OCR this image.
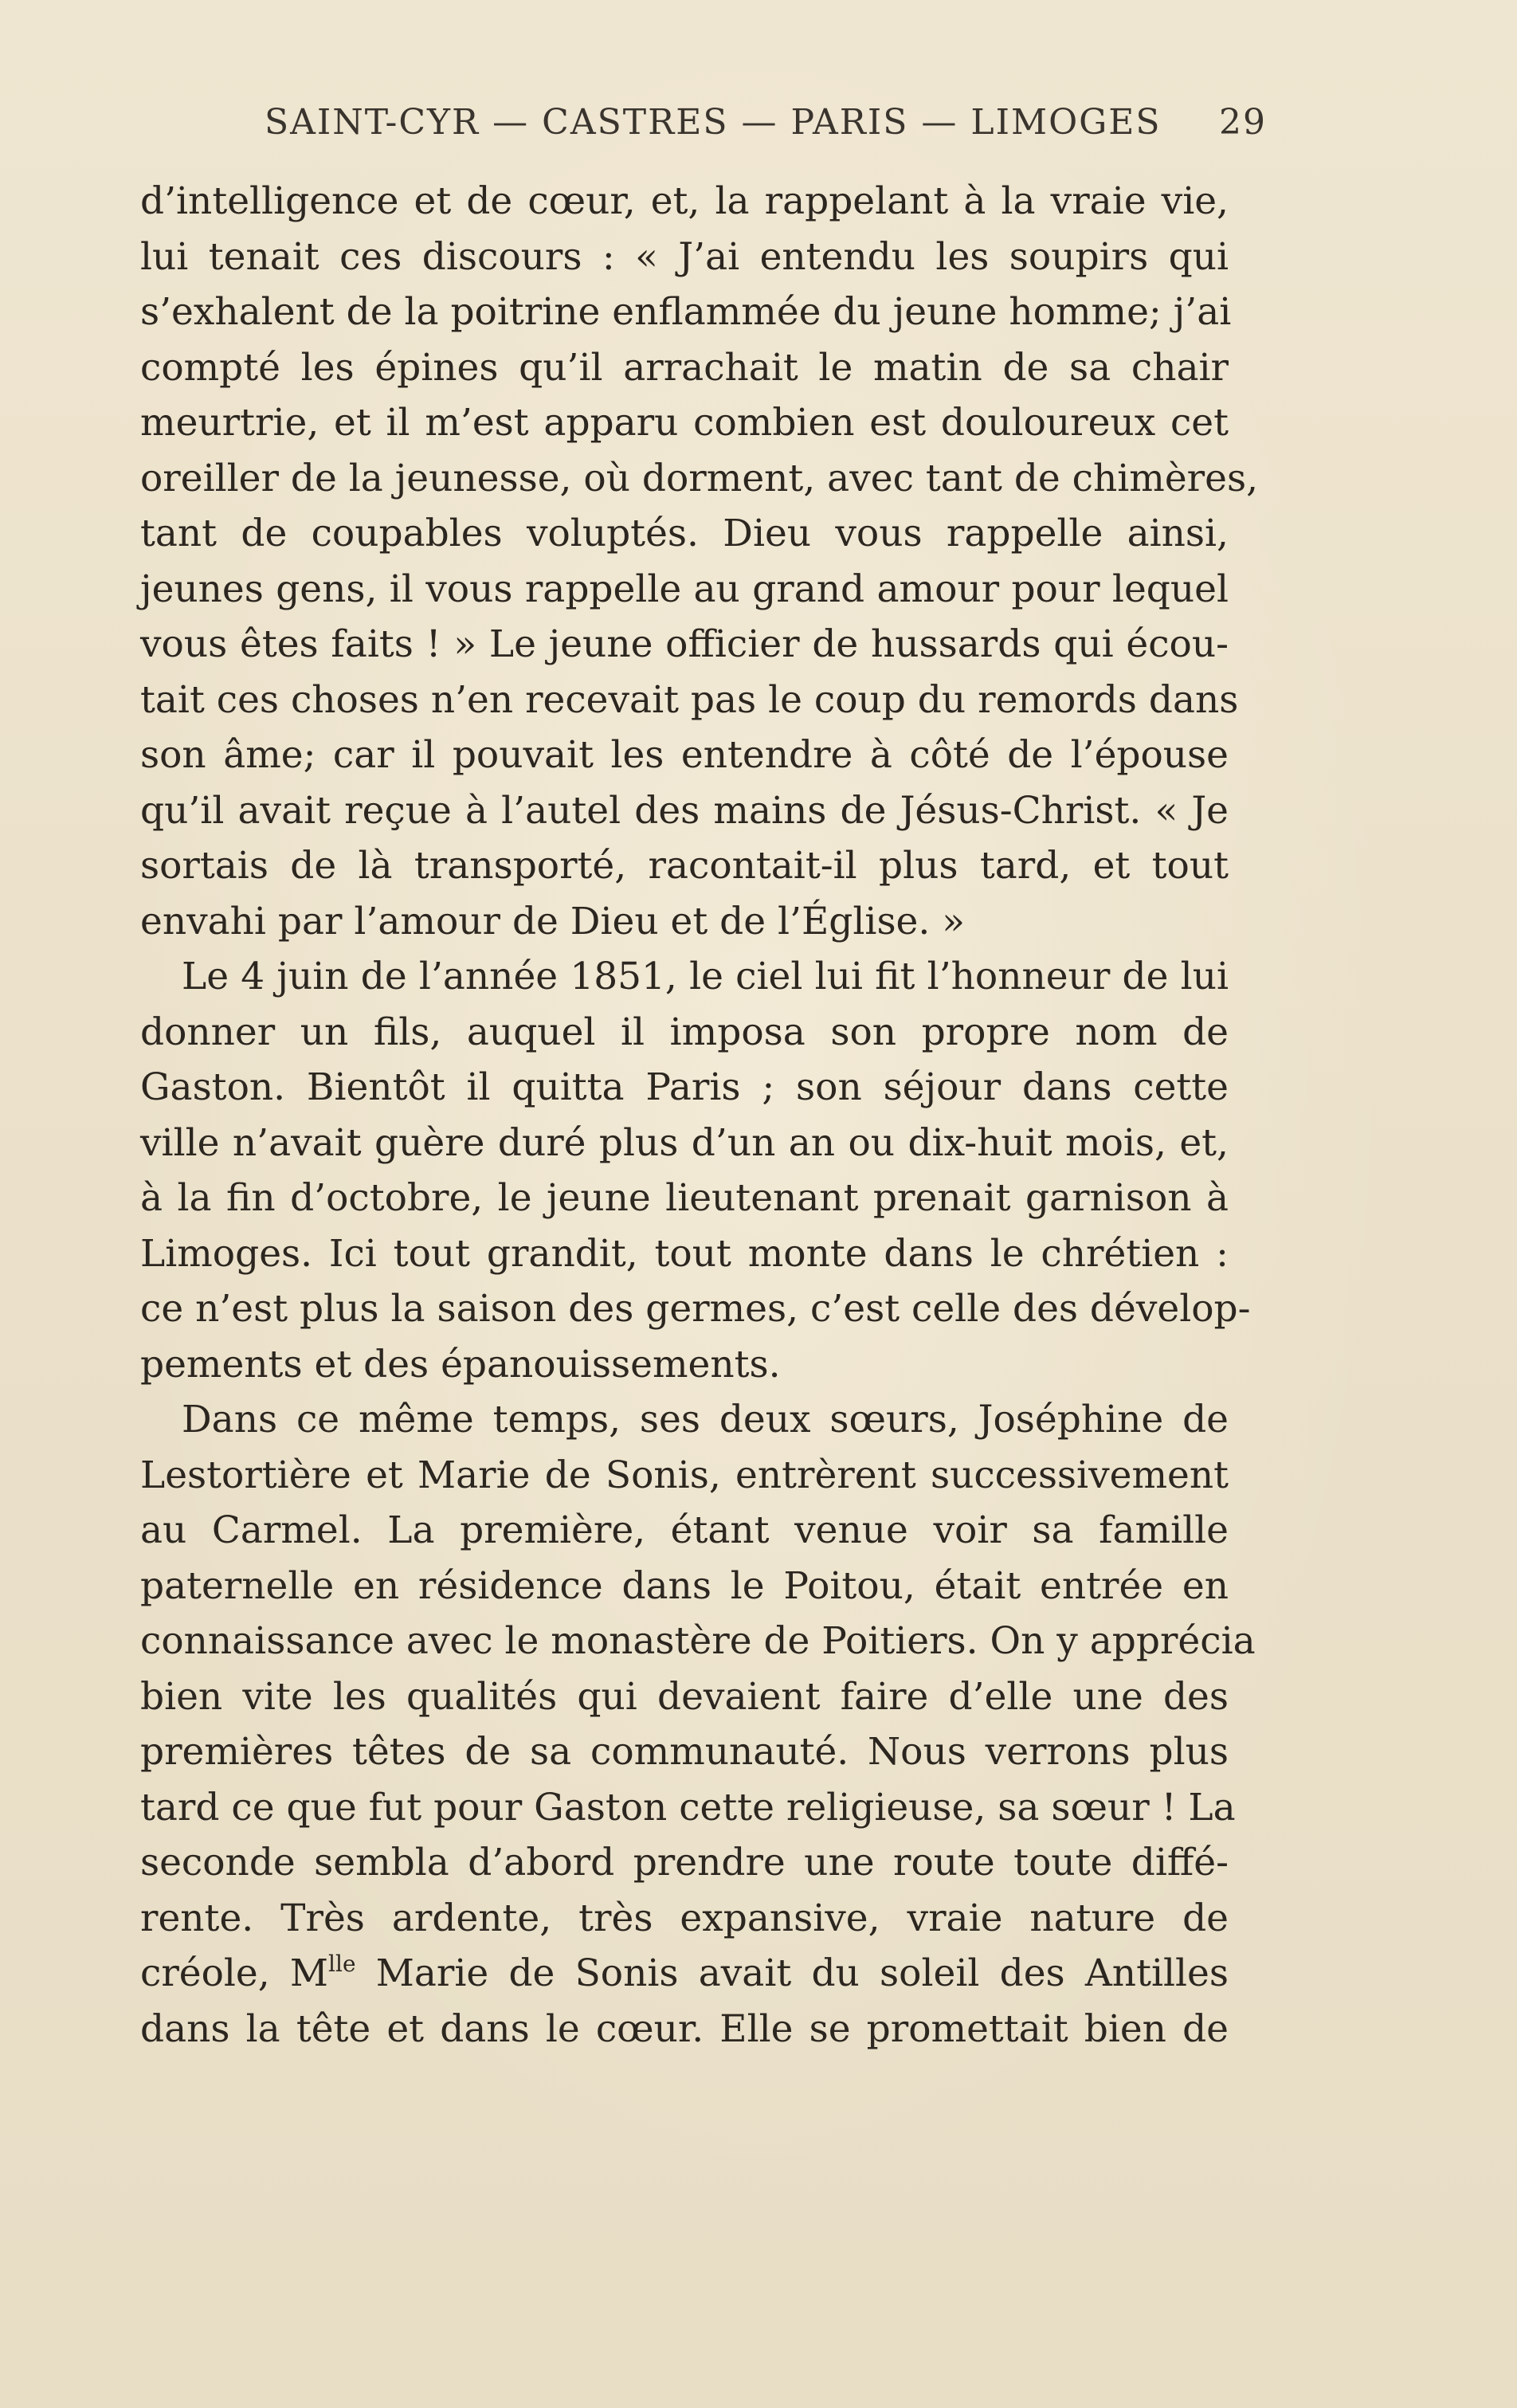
SAINT-CYR — CASTRES — PARIS — LIMOGES 29
d’intelligence et de cœur, et, la rappelant à la vraie vie,
lui tenait ces discours : « J’ai entendu les soupirs qui
s’exhalent de la poitrine enflammée du jeune homme; j’ai
compté les épines qu’il arrachait le matin de sa chair
meurtrie, et il m’est apparu combien est douloureux cet
oreiller de la jeunesse, où dorment, avec tant de chimères,
tant de coupables voluptés. Dieu vous rappelle ainsi,
jeunes gens, il vous rappelle au grand amour pour lequel
vous êtes faits ! » Le jeune officier de hussards qui écou-
tait ces choses n’en recevait pas le coup du remords dans
son âme; car il pouvait les entendre à côté de l’épouse
qu’il avait reçue à l’autel des mains de Jésus-Christ. « Je
sortais de là transporté, racontait-il plus tard, et tout
envahi par l’amour de Dieu et de l’Église. »
Le 4 juin de l’année 1851, le ciel lui fit l’honneur de lui
donner un fils, auquel il imposa son propre nom de
Gaston. Bientôt il quitta Paris ; son séjour dans cette
ville n’avait guère duré plus d’un an ou dix-huit mois, et,
à la fin d’octobre, le jeune lieutenant prenait garnison à
Limoges. Ici tout grandit, tout monte dans le chrétien :
ce n’est plus la saison des germes, c’est celle des dévelop-
pements et des épanouissements.
Dans ce même temps, ses deux sœurs, Joséphine de
Lestortière et Marie de Sonis, entrèrent successivement
au Carmel. La première, étant venue voir sa famille
paternelle en résidence dans le Poitou, était entrée en
connaissance avec le monastère de Poitiers. On y apprécia
bien vite les qualités qui devaient faire d’elle une des
premières têtes de sa communauté. Nous verrons plus
tard ce que fut pour Gaston cette religieuse, sa sœur ! La
seconde sembla d’abord prendre une route toute diffé-
rente. Très ardente, très expansive, vraie nature de
créole, $M^{lle}$ Marie de Sonis avait du soleil des Antilles
dans la tête et dans le cœur. Elle se promettait bien de
